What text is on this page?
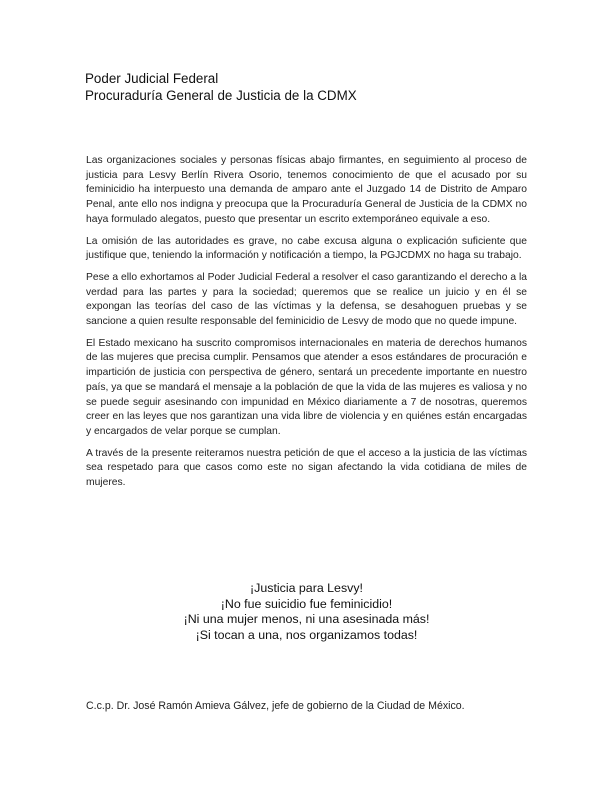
Poder Judicial Federal
Procuraduría General de Justicia de la CDMX

Las organizaciones sociales y personas físicas abajo firmantes, en seguimiento al proceso de justicia para Lesvy Berlín Rivera Osorio, tenemos conocimiento de que el acusado por su feminicidio ha interpuesto una demanda de amparo ante el Juzgado 14 de Distrito de Amparo Penal, ante ello nos indigna y preocupa que la Procuraduría General de Justicia de la CDMX no haya formulado alegatos, puesto que presentar un escrito extemporáneo equivale a eso.

La omisión de las autoridades es grave, no cabe excusa alguna o explicación suficiente que justifique que, teniendo la información y notificación a tiempo, la PGJCDMX no haga su trabajo.

Pese a ello exhortamos al Poder Judicial Federal a resolver el caso garantizando el derecho a la verdad para las partes y para la sociedad; queremos que se realice un juicio y en él se expongan las teorías del caso de las víctimas y la defensa, se desahoguen pruebas y se sancione a quien resulte responsable del feminicidio de Lesvy de modo que no quede impune.

El Estado mexicano ha suscrito compromisos internacionales en materia de derechos humanos de las mujeres que precisa cumplir. Pensamos que atender a esos estándares de procuración e impartición de justicia con perspectiva de género, sentará un precedente importante en nuestro país, ya que se mandará el mensaje a la población de que la vida de las mujeres es valiosa y no se puede seguir asesinando con impunidad en México diariamente a 7 de nosotras, queremos creer en las leyes que nos garantizan una vida libre de violencia y en quiénes están encargadas y encargados de velar porque se cumplan.

A través de la presente reiteramos nuestra petición de que el acceso a la justicia de las víctimas sea respetado para que casos como este no sigan afectando la vida cotidiana de miles de mujeres.

¡Justicia para Lesvy!
¡No fue suicidio fue feminicidio!
¡Ni una mujer menos, ni una asesinada más!
¡Si tocan a una, nos organizamos todas!
C.c.p. Dr. José Ramón Amieva Gálvez, jefe de gobierno de la Ciudad de México.
